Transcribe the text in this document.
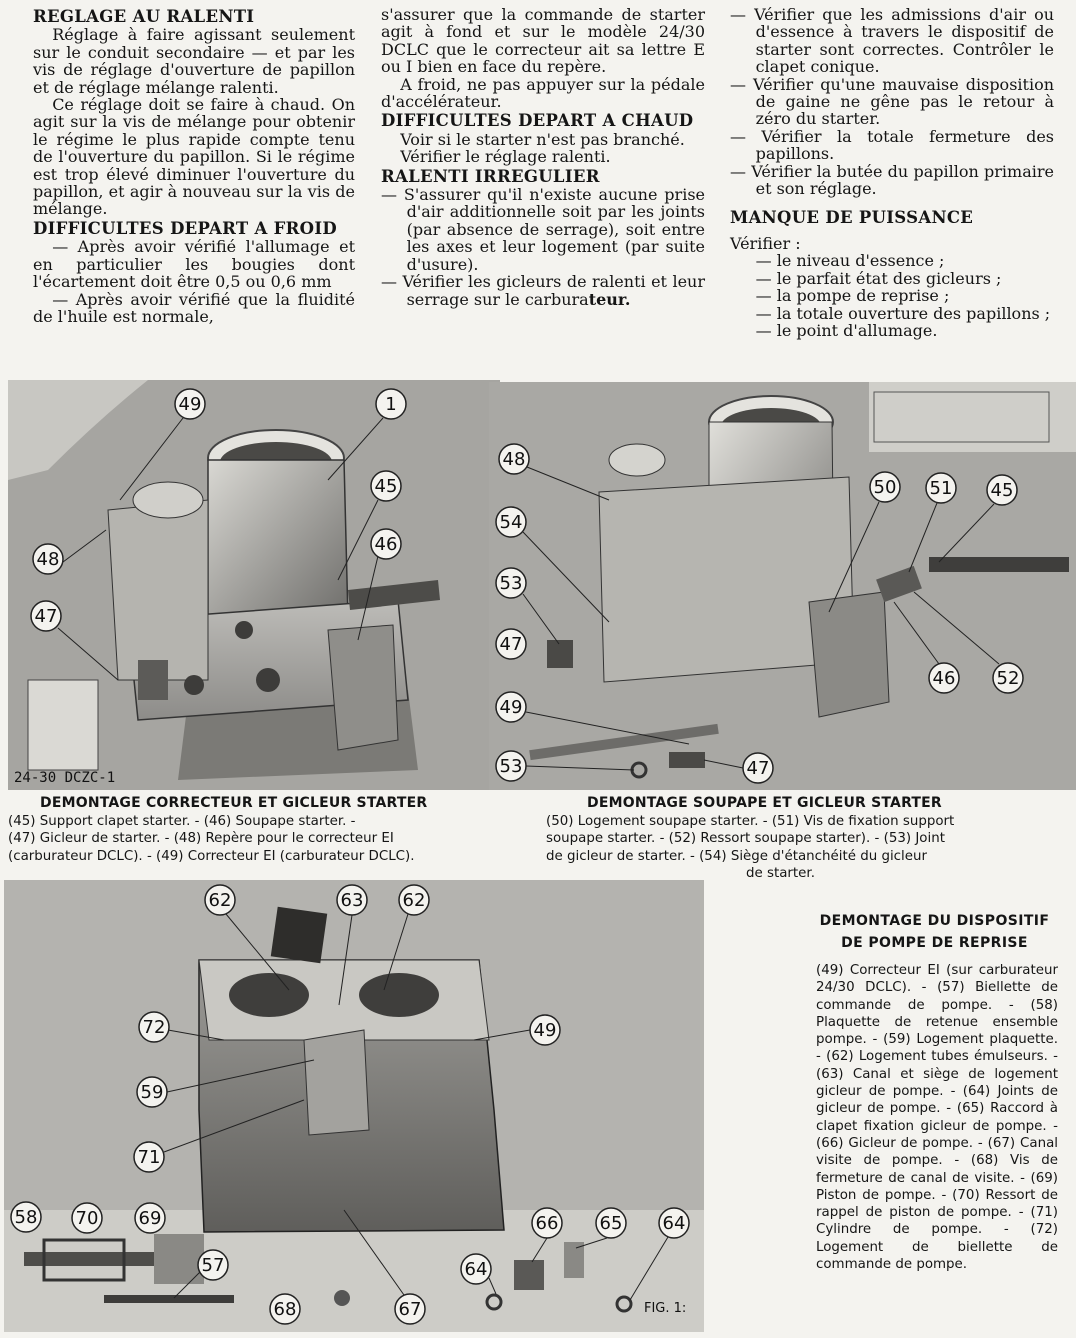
REGLAGE AU RALENTI

Réglage à faire agissant seulement sur le conduit secondaire — et par les vis de réglage d'ouverture de papillon et de réglage mélange ralenti.

Ce réglage doit se faire à chaud. On agit sur la vis de mélange pour obtenir le régime le plus rapide compte tenu de l'ouverture du papillon. Si le régime est trop élevé diminuer l'ouverture du papillon, et agir à nouveau sur la vis de mélange.

DIFFICULTES DEPART A FROID

— Après avoir vérifié l'allumage et en particulier les bougies dont l'écartement doit être 0,5 ou 0,6 mm

— Après avoir vérifié que la fluidité de l'huile est normale,

s'assurer que la commande de starter agit à fond et sur le modèle 24/30 DCLC que le correcteur ait sa lettre E ou I bien en face du repère.

A froid, ne pas appuyer sur la pédale d'accélérateur.

DIFFICULTES DEPART A CHAUD

Voir si le starter n'est pas branché.

Vérifier le réglage ralenti.

RALENTI IRREGULIER
— S'assurer qu'il n'existe aucune prise d'air additionnelle soit par les joints (par absence de serrage), soit entre les axes et leur logement (par suite d'usure).
— Vérifier les gicleurs de ralenti et leur serrage sur le carburateur.
— Vérifier que les admissions d'air ou d'essence à travers le dispositif de starter sont correctes. Contrôler le clapet conique.
— Vérifier qu'une mauvaise disposition de gaine ne gêne pas le retour à zéro du starter.
— Vérifier la totale fermeture des papillons.
— Vérifier la butée du papillon primaire et son réglage.
MANQUE DE PUISSANCE

Vérifier :

— le niveau d'essence ;
— le parfait état des gicleurs ;
— la pompe de reprise ;
— la totale ouverture des papillons ;
— le point d'allumage.
49	1
45
46
48
47
24-30 DCZC-1
DEMONTAGE CORRECTEUR ET GICLEUR STARTER
(45) Support clapet starter. - (46) Soupape starter. -
(47) Gicleur de starter. - (48) Repère pour le correcteur EI
(carburateur DCLC). - (49) Correcteur EI (carburateur DCLC).
48
54
53
47
49
53	47
50 51 45
46 52
DEMONTAGE SOUPAPE ET GICLEUR STARTER
(50) Logement soupape starter. - (51) Vis de fixation support
soupape starter. - (52) Ressort soupape starter). - (53) Joint
de gicleur de starter. - (54) Siège d'étanchéité du gicleur
de starter.
62	63 62
72	49
59
71
58 70 69
57
68	67
66 65 64
64
FIG. 1:
DEMONTAGE DU DISPOSITIF
DE POMPE DE REPRISE
(49) Correcteur EI (sur carburateur 24/30 DCLC). - (57) Biellette de commande de pompe. - (58) Plaquette de retenue ensemble pompe. - (59) Logement plaquette. - (62) Logement tubes émulseurs. - (63) Canal et siège de logement gicleur de pompe. - (64) Joints de gicleur de pompe. - (65) Raccord à clapet fixation gicleur de pompe. - (66) Gicleur de pompe. - (67) Canal visite de pompe. - (68) Vis de fermeture de canal de visite. - (69) Piston de pompe. - (70) Ressort de rappel de piston de pompe. - (71) Cylindre de pompe. - (72) Logement de biellette de commande de pompe.
